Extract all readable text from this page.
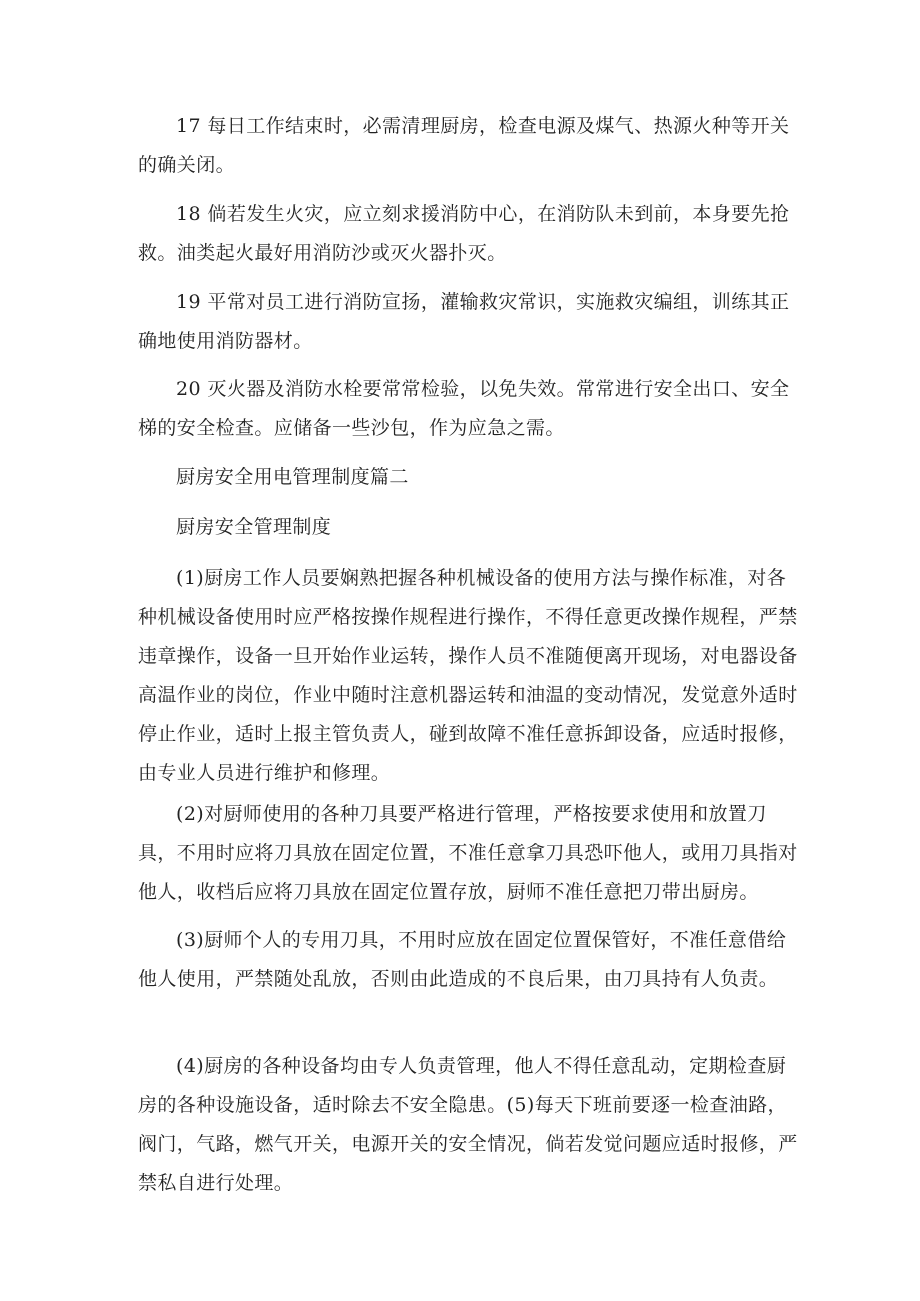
17 每日工作结束时，必需清理厨房，检查电源及煤气、热源火种等开关的确关闭。

18 倘若发生火灾，应立刻求援消防中心，在消防队未到前，本身要先抢救。油类起火最好用消防沙或灭火器扑灭。

19 平常对员工进行消防宣扬，灌输救灾常识，实施救灾编组，训练其正确地使用消防器材。

20 灭火器及消防水栓要常常检验，以免失效。常常进行安全出口、安全梯的安全检查。应储备一些沙包，作为应急之需。

厨房安全用电管理制度篇二

厨房安全管理制度

(1)厨房工作人员要娴熟把握各种机械设备的使用方法与操作标准，对各种机械设备使用时应严格按操作规程进行操作，不得任意更改操作规程，严禁违章操作，设备一旦开始作业运转，操作人员不准随便离开现场，对电器设备高温作业的岗位，作业中随时注意机器运转和油温的变动情况，发觉意外适时停止作业，适时上报主管负责人，碰到故障不准任意拆卸设备，应适时报修，由专业人员进行维护和修理。

(2)对厨师使用的各种刀具要严格进行管理，严格按要求使用和放置刀具，不用时应将刀具放在固定位置，不准任意拿刀具恐吓他人，或用刀具指对他人，收档后应将刀具放在固定位置存放，厨师不准任意把刀带出厨房。

(3)厨师个人的专用刀具，不用时应放在固定位置保管好，不准任意借给他人使用，严禁随处乱放，否则由此造成的不良后果，由刀具持有人负责。

(4)厨房的各种设备均由专人负责管理，他人不得任意乱动，定期检查厨房的各种设施设备，适时除去不安全隐患。(5)每天下班前要逐一检查油路，阀门，气路，燃气开关，电源开关的安全情况，倘若发觉问题应适时报修，严禁私自进行处理。
